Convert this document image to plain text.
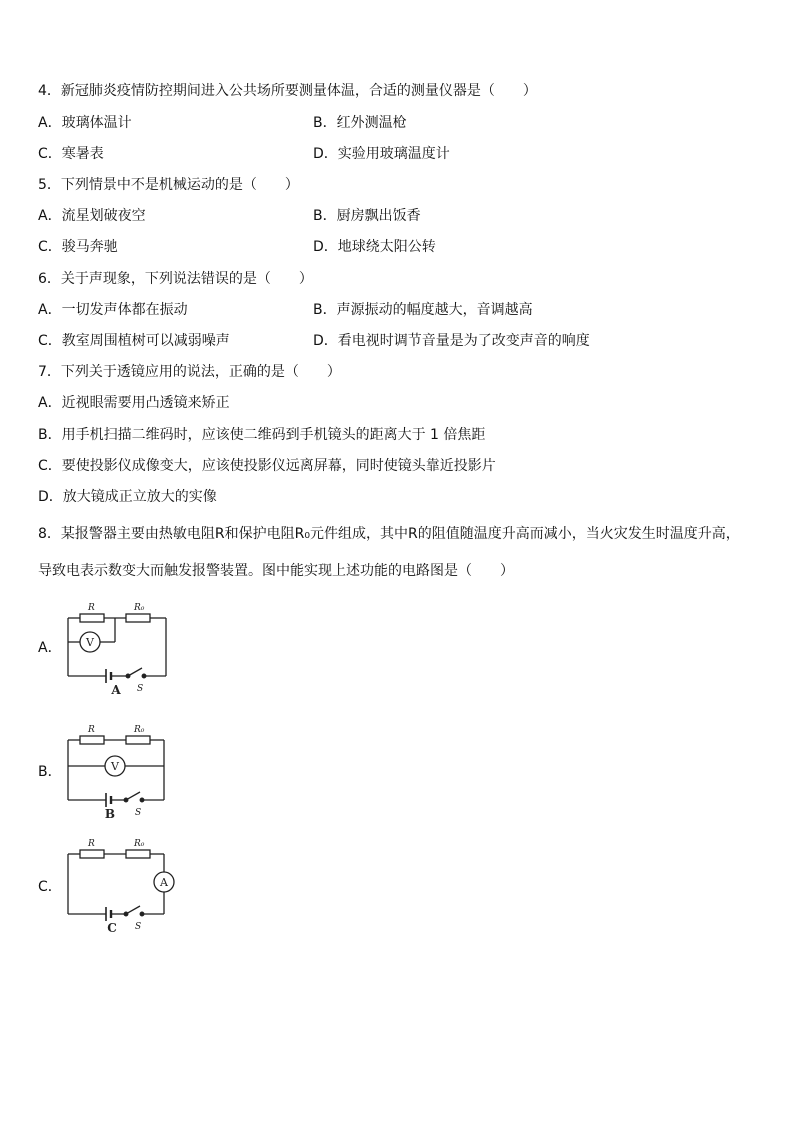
4．新冠肺炎疫情防控期间进入公共场所要测量体温，合适的测量仪器是（　　）
A．玻璃体温计	B．红外测温枪
C．寒暑表	D．实验用玻璃温度计
5．下列情景中不是机械运动的是（　　）
A．流星划破夜空	B．厨房飘出饭香
C．骏马奔驰	D．地球绕太阳公转
6．关于声现象，下列说法错误的是（　　）
A．一切发声体都在振动	B．声源振动的幅度越大，音调越高
C．教室周围植树可以减弱噪声	D．看电视时调节音量是为了改变声音的响度
7．下列关于透镜应用的说法，正确的是（　　）
A．近视眼需要用凸透镜来矫正
B．用手机扫描二维码时，应该使二维码到手机镜头的距离大于 1 倍焦距
C．要使投影仪成像变大，应该使投影仪远离屏幕，同时使镜头靠近投影片
D．放大镜成正立放大的实像
8．某报警器主要由热敏电阻R和保护电阻R₀元件组成，其中R的阻值随温度升高而减小，当火灾发生时温度升高，
导致电表示数变大而触发报警装置。图中能实现上述功能的电路图是（　　）
A．
R	R₀
S
V
A
B．
R	R₀
S
V
B
C．
R	R₀
S
A
C
